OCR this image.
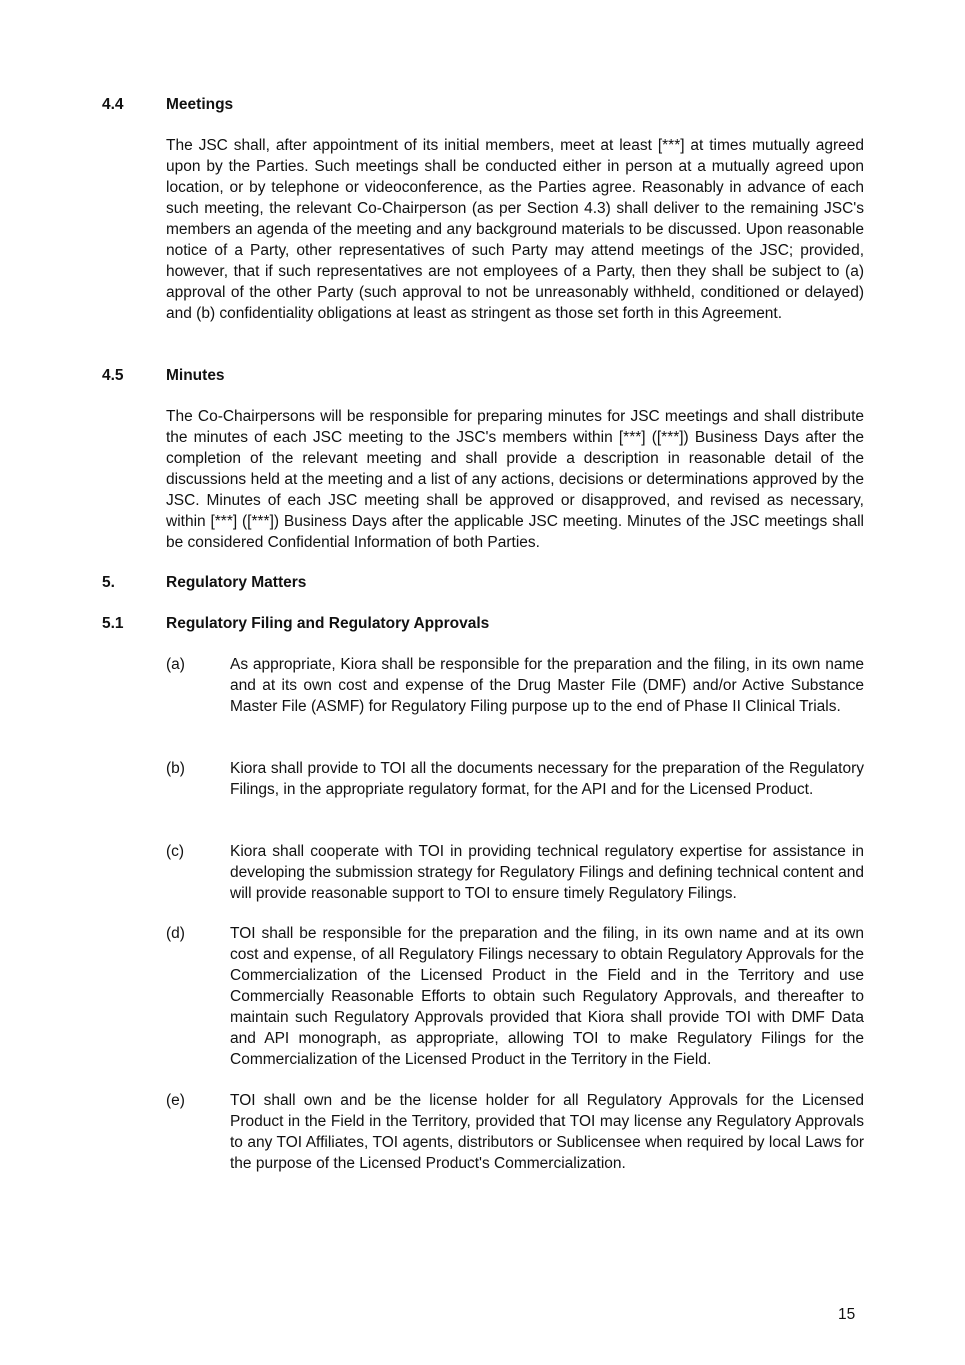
4.4	Meetings
The JSC shall, after appointment of its initial members, meet at least [***] at times mutually agreed upon by the Parties. Such meetings shall be conducted either in person at a mutually agreed upon location, or by telephone or videoconference, as the Parties agree. Reasonably in advance of each such meeting, the relevant Co-Chairperson (as per Section 4.3) shall deliver to the remaining JSC's members an agenda of the meeting and any background materials to be discussed. Upon reasonable notice of a Party, other representatives of such Party may attend meetings of the JSC; provided, however, that if such representatives are not employees of a Party, then they shall be subject to (a) approval of the other Party (such approval to not be unreasonably withheld, conditioned or delayed) and (b) confidentiality obligations at least as stringent as those set forth in this Agreement.
4.5	Minutes
The Co-Chairpersons will be responsible for preparing minutes for JSC meetings and shall distribute the minutes of each JSC meeting to the JSC's members within [***] ([***]) Business Days after the completion of the relevant meeting and shall provide a description in reasonable detail of the discussions held at the meeting and a list of any actions, decisions or determinations approved by the JSC. Minutes of each JSC meeting shall be approved or disapproved, and revised as necessary, within [***] ([***]) Business Days after the applicable JSC meeting. Minutes of the JSC meetings shall be considered Confidential Information of both Parties.
5.	Regulatory Matters
5.1	Regulatory Filing and Regulatory Approvals
(a)	As appropriate, Kiora shall be responsible for the preparation and the filing, in its own name and at its own cost and expense of the Drug Master File (DMF) and/or Active Substance Master File (ASMF) for Regulatory Filing purpose up to the end of Phase II Clinical Trials.
(b)	Kiora shall provide to TOI all the documents necessary for the preparation of the Regulatory Filings, in the appropriate regulatory format, for the API and for the Licensed Product.
(c)	Kiora shall cooperate with TOI in providing technical regulatory expertise for assistance in developing the submission strategy for Regulatory Filings and defining technical content and will provide reasonable support to TOI to ensure timely Regulatory Filings.
(d)	TOI shall be responsible for the preparation and the filing, in its own name and at its own cost and expense, of all Regulatory Filings necessary to obtain Regulatory Approvals for the Commercialization of the Licensed Product in the Field and in the Territory and use Commercially Reasonable Efforts to obtain such Regulatory Approvals, and thereafter to maintain such Regulatory Approvals provided that Kiora shall provide TOI with DMF Data and API monograph, as appropriate, allowing TOI to make Regulatory Filings for the Commercialization of the Licensed Product in the Territory in the Field.
(e)	TOI shall own and be the license holder for all Regulatory Approvals for the Licensed Product in the Field in the Territory, provided that TOI may license any Regulatory Approvals to any TOI Affiliates, TOI agents, distributors or Sublicensee when required by local Laws for the purpose of the Licensed Product's Commercialization.
15
